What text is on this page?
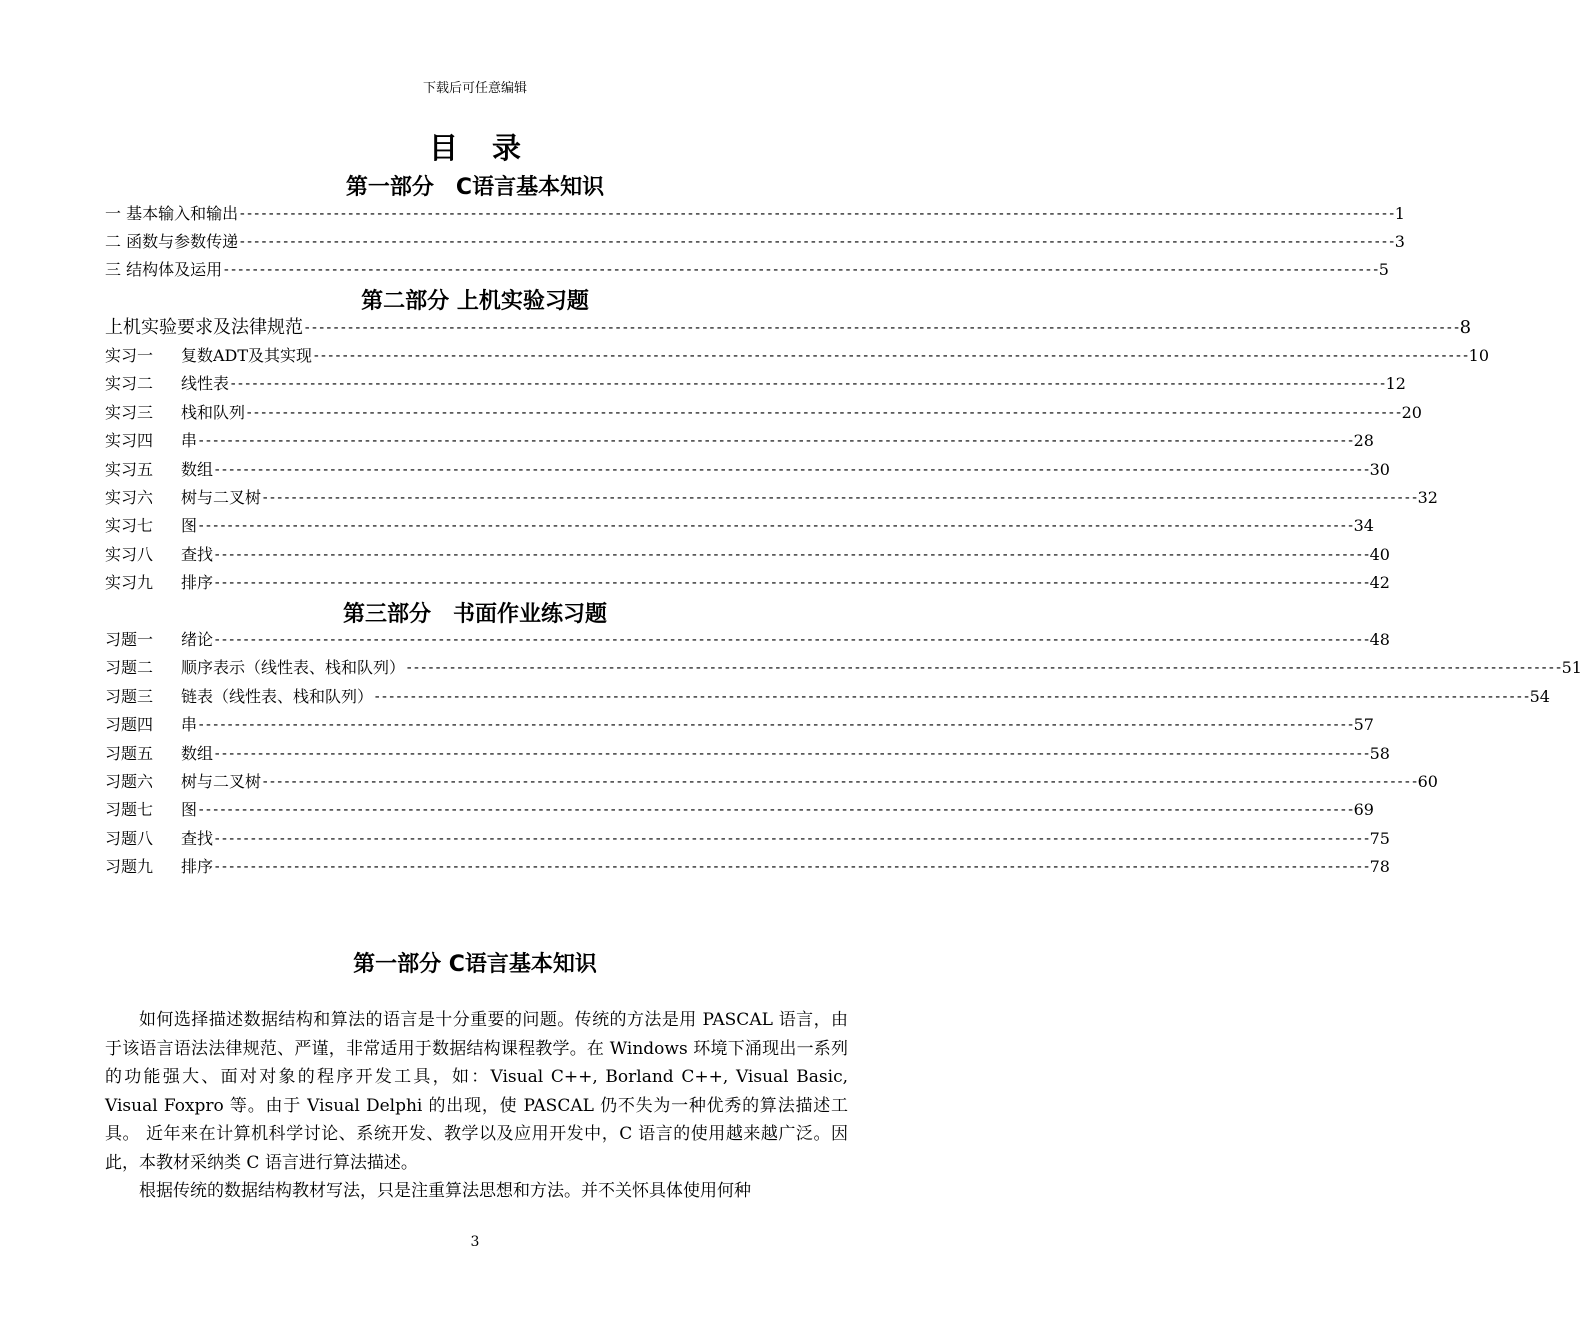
下载后可任意编辑
目录
第一部分　C语言基本知识
一 基本输入和输出 ---------------------------------------------------------------------------------------------------------------------------------------------------------------- 1
二 函数与参数传递 ---------------------------------------------------------------------------------------------------------------------------------------------------------------- 3
三 结构体及运用 ---------------------------------------------------------------------------------------------------------------------------------------------------------------- 5
第二部分 上机实验习题
上机实验要求及法律规范 ---------------------------------------------------------------------------------------------------------------------------------------------------------------- 8
实习一	复数ADT及其实现 ---------------------------------------------------------------------------------------------------------------------------------------------------------------- 10
实习二	线性表 ---------------------------------------------------------------------------------------------------------------------------------------------------------------- 12
实习三	栈和队列 ---------------------------------------------------------------------------------------------------------------------------------------------------------------- 20
实习四	串 ---------------------------------------------------------------------------------------------------------------------------------------------------------------- 28
实习五	数组 ---------------------------------------------------------------------------------------------------------------------------------------------------------------- 30
实习六	树与二叉树 ---------------------------------------------------------------------------------------------------------------------------------------------------------------- 32
实习七	图 ---------------------------------------------------------------------------------------------------------------------------------------------------------------- 34
实习八	查找 ---------------------------------------------------------------------------------------------------------------------------------------------------------------- 40
实习九	排序 ---------------------------------------------------------------------------------------------------------------------------------------------------------------- 42
第三部分　书面作业练习题
习题一	绪论 ---------------------------------------------------------------------------------------------------------------------------------------------------------------- 48
习题二	顺序表示（线性表、栈和队列） ---------------------------------------------------------------------------------------------------------------------------------------------------------------- 51
习题三	链表（线性表、栈和队列） ---------------------------------------------------------------------------------------------------------------------------------------------------------------- 54
习题四	串 ---------------------------------------------------------------------------------------------------------------------------------------------------------------- 57
习题五	数组 ---------------------------------------------------------------------------------------------------------------------------------------------------------------- 58
习题六	树与二叉树 ---------------------------------------------------------------------------------------------------------------------------------------------------------------- 60
习题七	图 ---------------------------------------------------------------------------------------------------------------------------------------------------------------- 69
习题八	查找 ---------------------------------------------------------------------------------------------------------------------------------------------------------------- 75
习题九	排序 ---------------------------------------------------------------------------------------------------------------------------------------------------------------- 78
第一部分 C语言基本知识

如何选择描述数据结构和算法的语言是十分重要的问题。传统的方法是用 PASCAL 语言，由于该语言语法法律规范、严谨，非常适用于数据结构课程教学。在 Windows 环境下涌现出一系列的功能强大、面对对象的程序开发工具，如：Visual C++, Borland C++, Visual Basic, Visual Foxpro 等。由于 Visual Delphi 的出现，使 PASCAL 仍不失为一种优秀的算法描述工具。 近年来在计算机科学讨论、系统开发、教学以及应用开发中，C 语言的使用越来越广泛。因此，本教材采纳类 C 语言进行算法描述。

根据传统的数据结构教材写法，只是注重算法思想和方法。并不关怀具体使用何种

3
